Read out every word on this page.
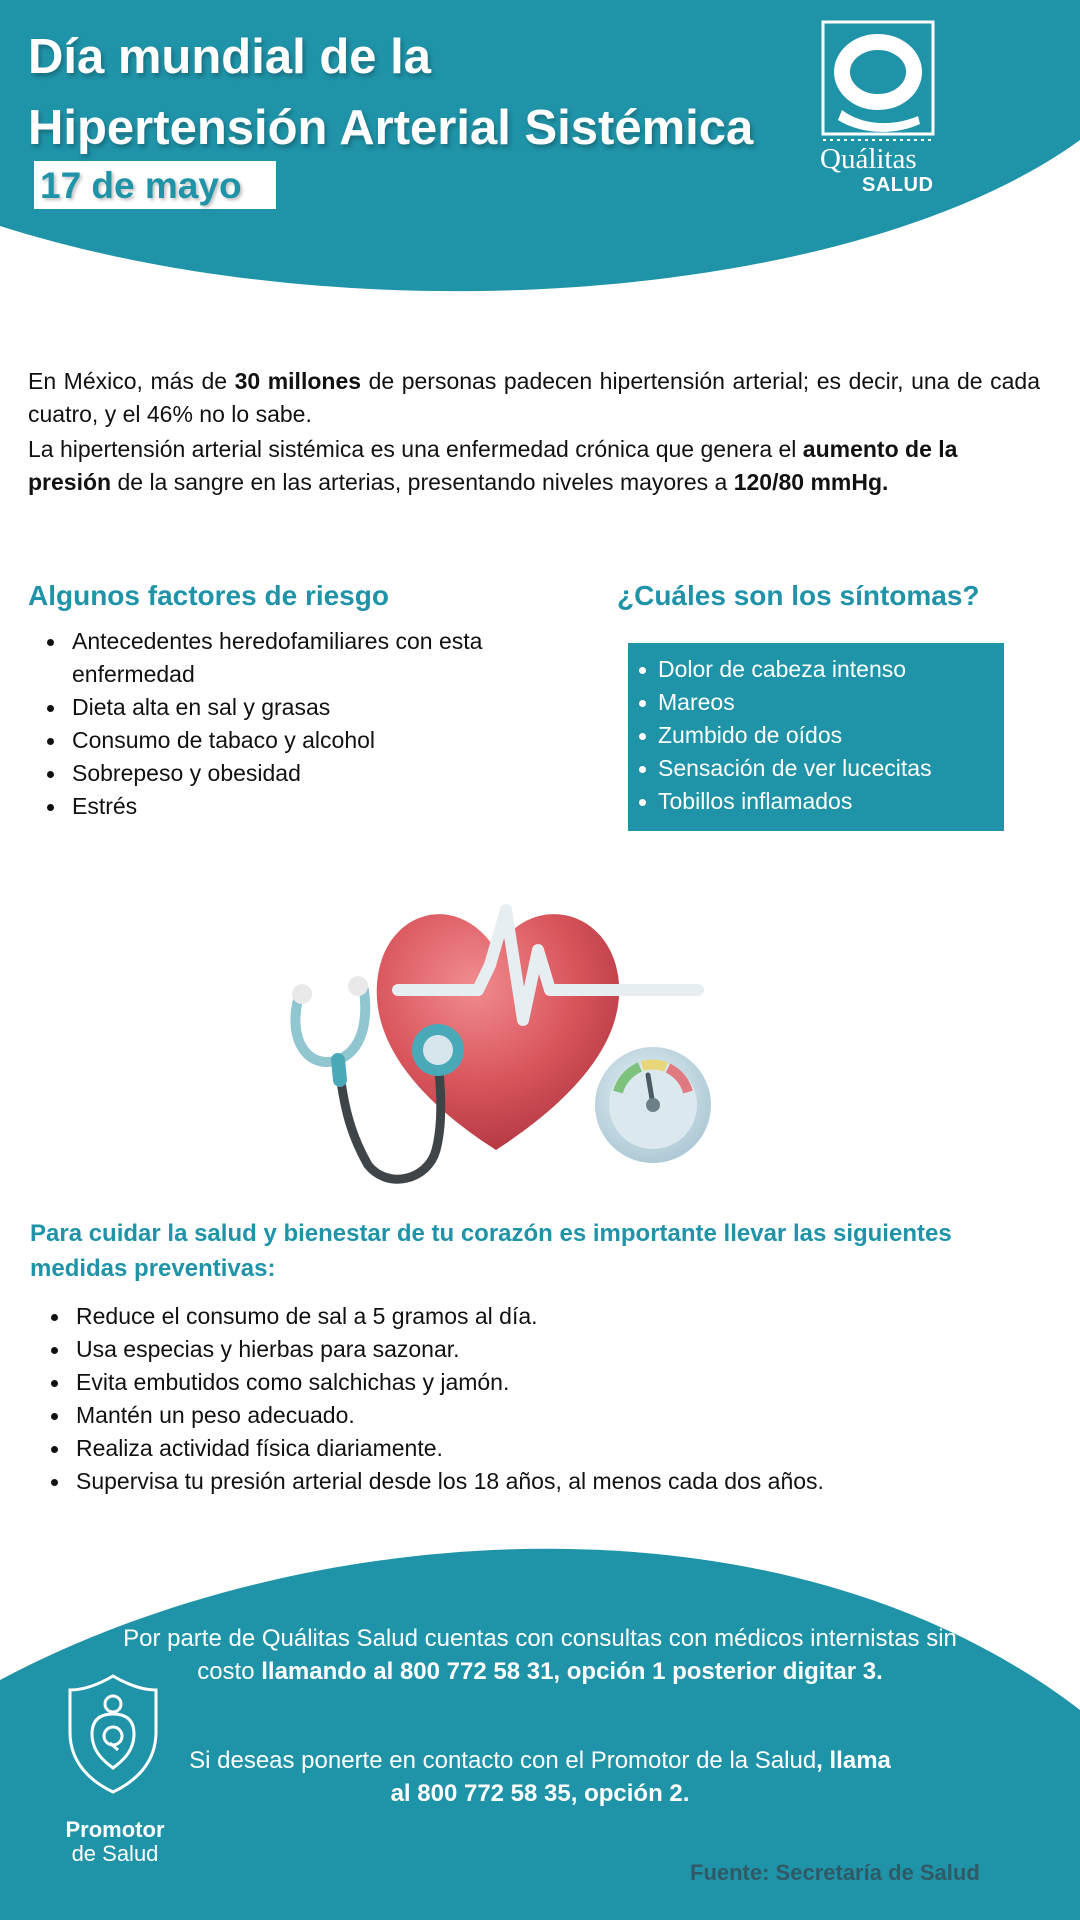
Día mundial de la
Hipertensión Arterial Sistémica
17 de mayo
Quálitas
SALUD

En México, más de 30 millones de personas padecen hipertensión arterial; es decir, una de cada cuatro, y el 46% no lo sabe.

La hipertensión arterial sistémica es una enfermedad crónica que genera el aumento de la presión de la sangre en las arterias, presentando niveles mayores a 120/80 mmHg.

Algunos factores de riesgo
Antecedentes heredofamiliares con esta enfermedad
Dieta alta en sal y grasas
Consumo de tabaco y alcohol
Sobrepeso y obesidad
Estrés
¿Cuáles son los síntomas?
Dolor de cabeza intenso
Mareos
Zumbido de oídos
Sensación de ver lucecitas
Tobillos inflamados
Para cuidar la salud y bienestar de tu corazón es importante llevar las siguientes medidas preventivas:
Reduce el consumo de sal a 5 gramos al día.
Usa especias y hierbas para sazonar.
Evita embutidos como salchichas y jamón.
Mantén un peso adecuado.
Realiza actividad física diariamente.
Supervisa tu presión arterial desde los 18 años, al menos cada dos años.
Por parte de Quálitas Salud cuentas con consultas con médicos internistas sin costo llamando al 800 772 58 31, opción 1 posterior digitar 3.
Si deseas ponerte en contacto con el Promotor de la Salud, llama al 800 772 58 35, opción 2.
Promotor
de Salud
Fuente: Secretaría de Salud
